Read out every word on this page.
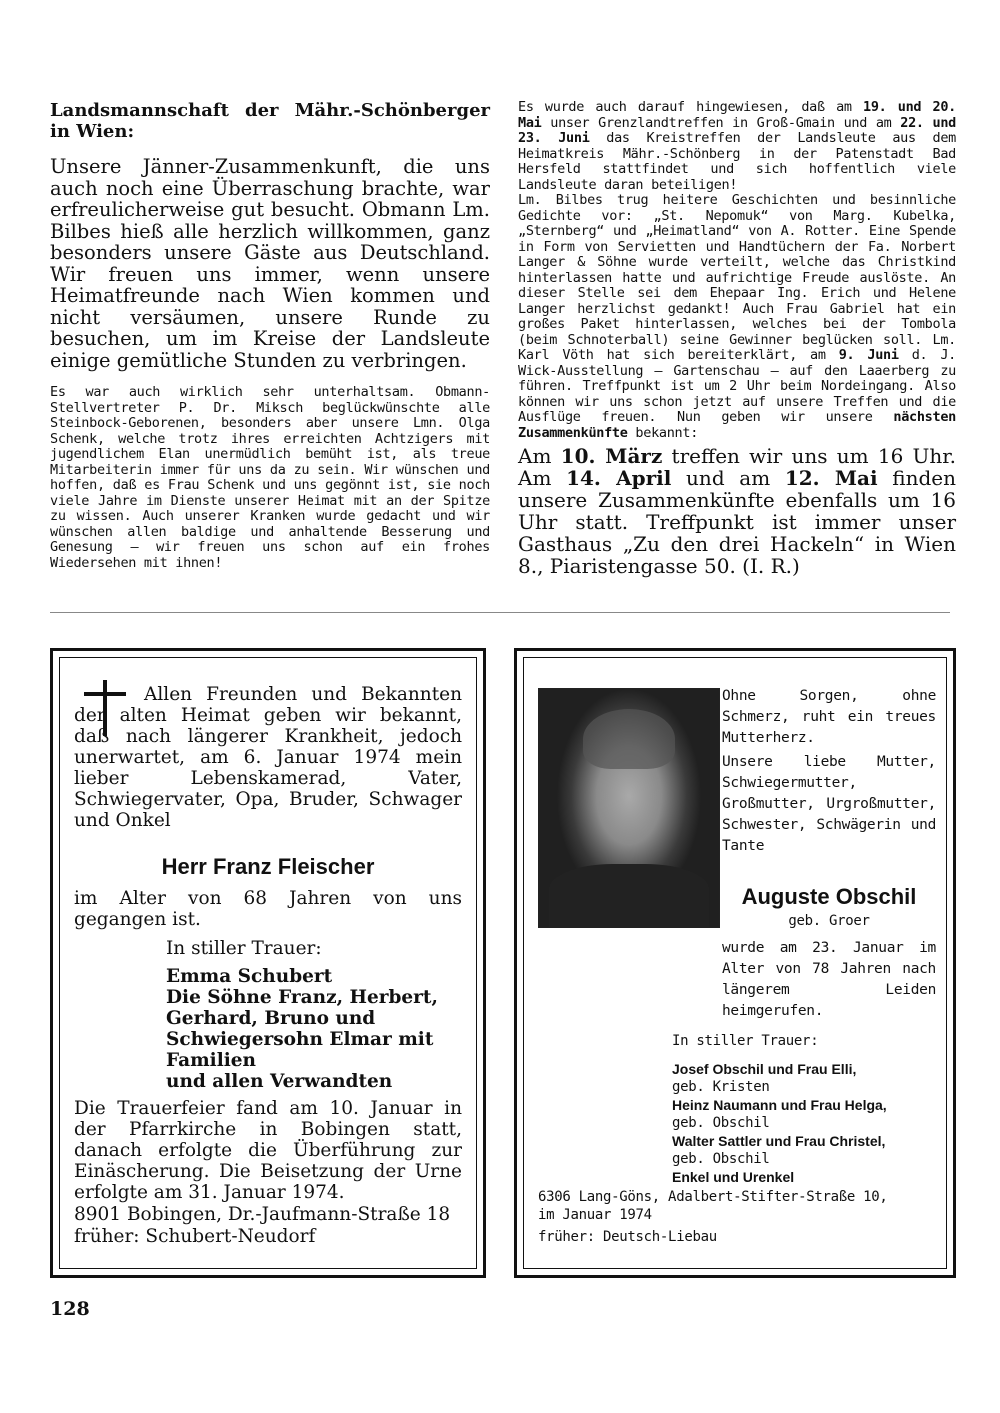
Landsmannschaft der Mähr.-Schönberger in Wien:
Unsere Jänner-Zusammenkunft, die uns auch noch eine Überraschung brachte, war erfreulicherweise gut besucht. Obmann Lm. Bilbes hieß alle herzlich willkommen, ganz besonders unsere Gäste aus Deutschland. Wir freuen uns immer, wenn unsere Heimatfreunde nach Wien kommen und nicht versäumen, unsere Runde zu besuchen, um im Kreise der Landsleute einige gemütliche Stunden zu verbringen.
Es war auch wirklich sehr unterhaltsam. Obmann-Stellvertreter P. Dr. Miksch beglückwünschte alle Steinbock-Geborenen, besonders aber unsere Lmn. Olga Schenk, welche trotz ihres erreichten Achtzigers mit jugendlichem Elan unermüdlich bemüht ist, als treue Mitarbeiterin immer für uns da zu sein. Wir wünschen und hoffen, daß es Frau Schenk und uns gegönnt ist, sie noch viele Jahre im Dienste unserer Heimat mit an der Spitze zu wissen. Auch unserer Kranken wurde gedacht und wir wünschen allen baldige und anhaltende Besserung und Genesung — wir freuen uns schon auf ein frohes Wiedersehen mit ihnen!
Es wurde auch darauf hingewiesen, daß am 19. und 20. Mai unser Grenzlandtreffen in Groß-Gmain und am 22. und 23. Juni das Kreistreffen der Landsleute aus dem Heimatkreis Mähr.-Schönberg in der Patenstadt Bad Hersfeld stattfindet und sich hoffentlich viele Landsleute daran beteiligen!
Lm. Bilbes trug heitere Geschichten und besinnliche Gedichte vor: „St. Nepomuk“ von Marg. Kubelka, „Sternberg“ und „Heimatland“ von A. Rotter. Eine Spende in Form von Servietten und Handtüchern der Fa. Norbert Langer & Söhne wurde verteilt, welche das Christkind hinterlassen hatte und aufrichtige Freude auslöste. An dieser Stelle sei dem Ehepaar Ing. Erich und Helene Langer herzlichst gedankt! Auch Frau Gabriel hat ein großes Paket hinterlassen, welches bei der Tombola (beim Schnoterball) seine Gewinner beglücken soll. Lm. Karl Vöth hat sich bereiterklärt, am 9. Juni d. J. Wick-Ausstellung — Gartenschau — auf den Laaerberg zu führen. Treffpunkt ist um 2 Uhr beim Nordeingang. Also können wir uns schon jetzt auf unsere Treffen und die Ausflüge freuen. Nun geben wir unsere nächsten Zusammenkünfte bekannt:
Am 10. März treffen wir uns um 16 Uhr. Am 14. April und am 12. Mai finden unsere Zusammenkünfte ebenfalls um 16 Uhr statt. Treffpunkt ist immer unser Gasthaus „Zu den drei Hackeln“ in Wien 8., Piaristengasse 50. (I. R.)
Allen Freunden und Bekannten der alten Heimat geben wir bekannt, daß nach längerer Krankheit, jedoch unerwartet, am 6. Januar 1974 mein lieber Lebenskamerad, Vater, Schwiegervater, Opa, Bruder, Schwager und Onkel
Herr Franz Fleischer
im Alter von 68 Jahren von uns gegangen ist.
In stiller Trauer:
Emma Schubert
Die Söhne Franz, Herbert,
Gerhard, Bruno und
Schwiegersohn Elmar mit
Familien
und allen Verwandten
Die Trauerfeier fand am 10. Januar in der Pfarrkirche in Bobingen statt, danach erfolgte die Überführung zur Einäscherung. Die Beisetzung der Urne erfolgte am 31. Januar 1974.
8901 Bobingen, Dr.-Jaufmann-Straße 18
früher: Schubert-Neudorf
Ohne Sorgen, ohne Schmerz, ruht ein treues Mutterherz.
Unsere liebe Mutter, Schwiegermutter, Großmutter, Urgroßmutter, Schwester, Schwägerin und Tante
Auguste Obschil
geb. Groer
wurde am 23. Januar im Alter von 78 Jahren nach längerem Leiden heimgerufen.
In stiller Trauer:
Josef Obschil und Frau Elli,
geb. Kristen
Heinz Naumann und Frau Helga,
geb. Obschil
Walter Sattler und Frau Christel,
geb. Obschil
Enkel und Urenkel
6306 Lang-Göns, Adalbert-Stifter-Straße 10,
im Januar 1974
früher: Deutsch-Liebau
128
